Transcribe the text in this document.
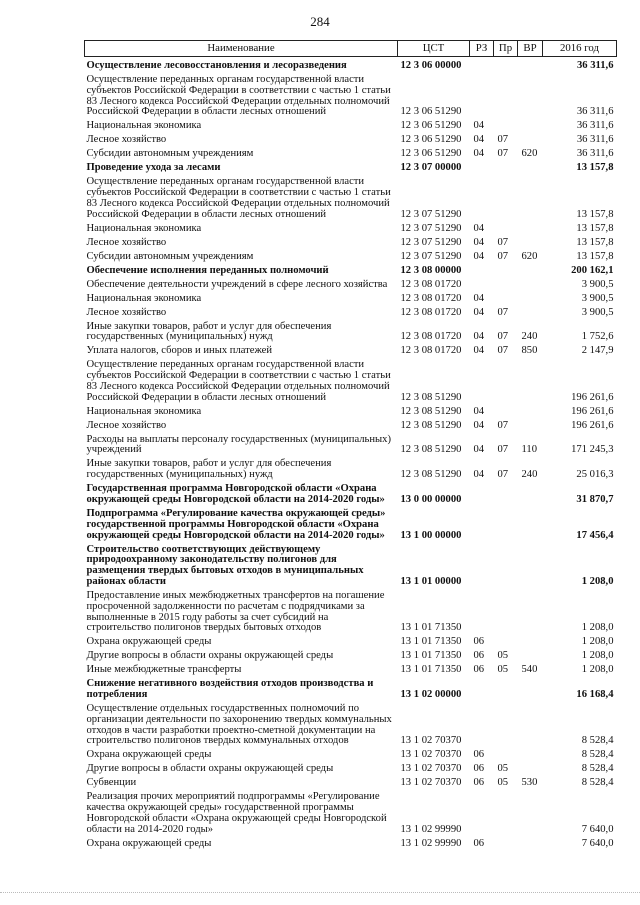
284
Наименование	ЦСТ	РЗ	Пр	ВР	2016 год
Осуществление лесовосстановления и лесоразведения	12 3 06 00000				36 311,6
Осуществление переданных органам государственной власти субъектов Российской Федерации в соответствии с частью 1 статьи 83 Лесного кодекса Российской Федерации отдельных полномочий Российской Федерации в области лесных отношений	12 3 06 51290				36 311,6
Национальная экономика	12 3 06 51290	04			36 311,6
Лесное хозяйство	12 3 06 51290	04	07		36 311,6
Субсидии автономным учреждениям	12 3 06 51290	04	07	620	36 311,6
Проведение ухода за лесами	12 3 07 00000				13 157,8
Осуществление переданных органам государственной власти субъектов Российской Федерации в соответствии с частью 1 статьи 83 Лесного кодекса Российской Федерации отдельных полномочий Российской Федерации в области лесных отношений	12 3 07 51290				13 157,8
Национальная экономика	12 3 07 51290	04			13 157,8
Лесное хозяйство	12 3 07 51290	04	07		13 157,8
Субсидии автономным учреждениям	12 3 07 51290	04	07	620	13 157,8
Обеспечение исполнения переданных полномочий	12 3 08 00000				200 162,1
Обеспечение деятельности учреждений в сфере лесного хозяйства	12 3 08 01720				3 900,5
Национальная экономика	12 3 08 01720	04			3 900,5
Лесное хозяйство	12 3 08 01720	04	07		3 900,5
Иные закупки товаров, работ и услуг для обеспечения государственных (муниципальных) нужд	12 3 08 01720	04	07	240	1 752,6
Уплата налогов, сборов и иных платежей	12 3 08 01720	04	07	850	2 147,9
Осуществление переданных органам государственной власти субъектов Российской Федерации в соответствии с частью 1 статьи 83 Лесного кодекса Российской Федерации отдельных полномочий Российской Федерации в области лесных отношений	12 3 08 51290				196 261,6
Национальная экономика	12 3 08 51290	04			196 261,6
Лесное хозяйство	12 3 08 51290	04	07		196 261,6
Расходы на выплаты персоналу государственных (муниципальных) учреждений	12 3 08 51290	04	07	110	171 245,3
Иные закупки товаров, работ и услуг для обеспечения государственных (муниципальных) нужд	12 3 08 51290	04	07	240	25 016,3
Государственная программа Новгородской области «Охрана окружающей среды Новгородской области на 2014-2020 годы»	13 0 00 00000				31 870,7
Подпрограмма «Регулирование качества окружающей среды» государственной программы Новгородской области «Охрана окружающей среды Новгородской области на 2014-2020 годы»	13 1 00 00000				17 456,4
Строительство соответствующих действующему природоохранному законодательству полигонов для размещения твердых бытовых отходов в муниципальных районах области	13 1 01 00000				1 208,0
Предоставление иных межбюджетных трансфертов на погашение просроченной задолженности по расчетам с подрядчиками за выполненные в 2015 году работы за счет субсидий на строительство полигонов твердых бытовых отходов	13 1 01 71350				1 208,0
Охрана окружающей среды	13 1 01 71350	06			1 208,0
Другие вопросы в области охраны окружающей среды	13 1 01 71350	06	05		1 208,0
Иные межбюджетные трансферты	13 1 01 71350	06	05	540	1 208,0
Снижение негативного воздействия отходов производства и потребления	13 1 02 00000				16 168,4
Осуществление отдельных государственных полномочий по организации деятельности по захоронению твердых коммунальных отходов в части разработки проектно-сметной документации на строительство полигонов твердых коммунальных отходов	13 1 02 70370				8 528,4
Охрана окружающей среды	13 1 02 70370	06			8 528,4
Другие вопросы в области охраны окружающей среды	13 1 02 70370	06	05		8 528,4
Субвенции	13 1 02 70370	06	05	530	8 528,4
Реализация прочих мероприятий подпрограммы «Регулирование качества окружающей среды» государственной программы Новгородской области «Охрана окружающей среды Новгородской области на 2014-2020 годы»	13 1 02 99990				7 640,0
Охрана окружающей среды	13 1 02 99990	06			7 640,0
